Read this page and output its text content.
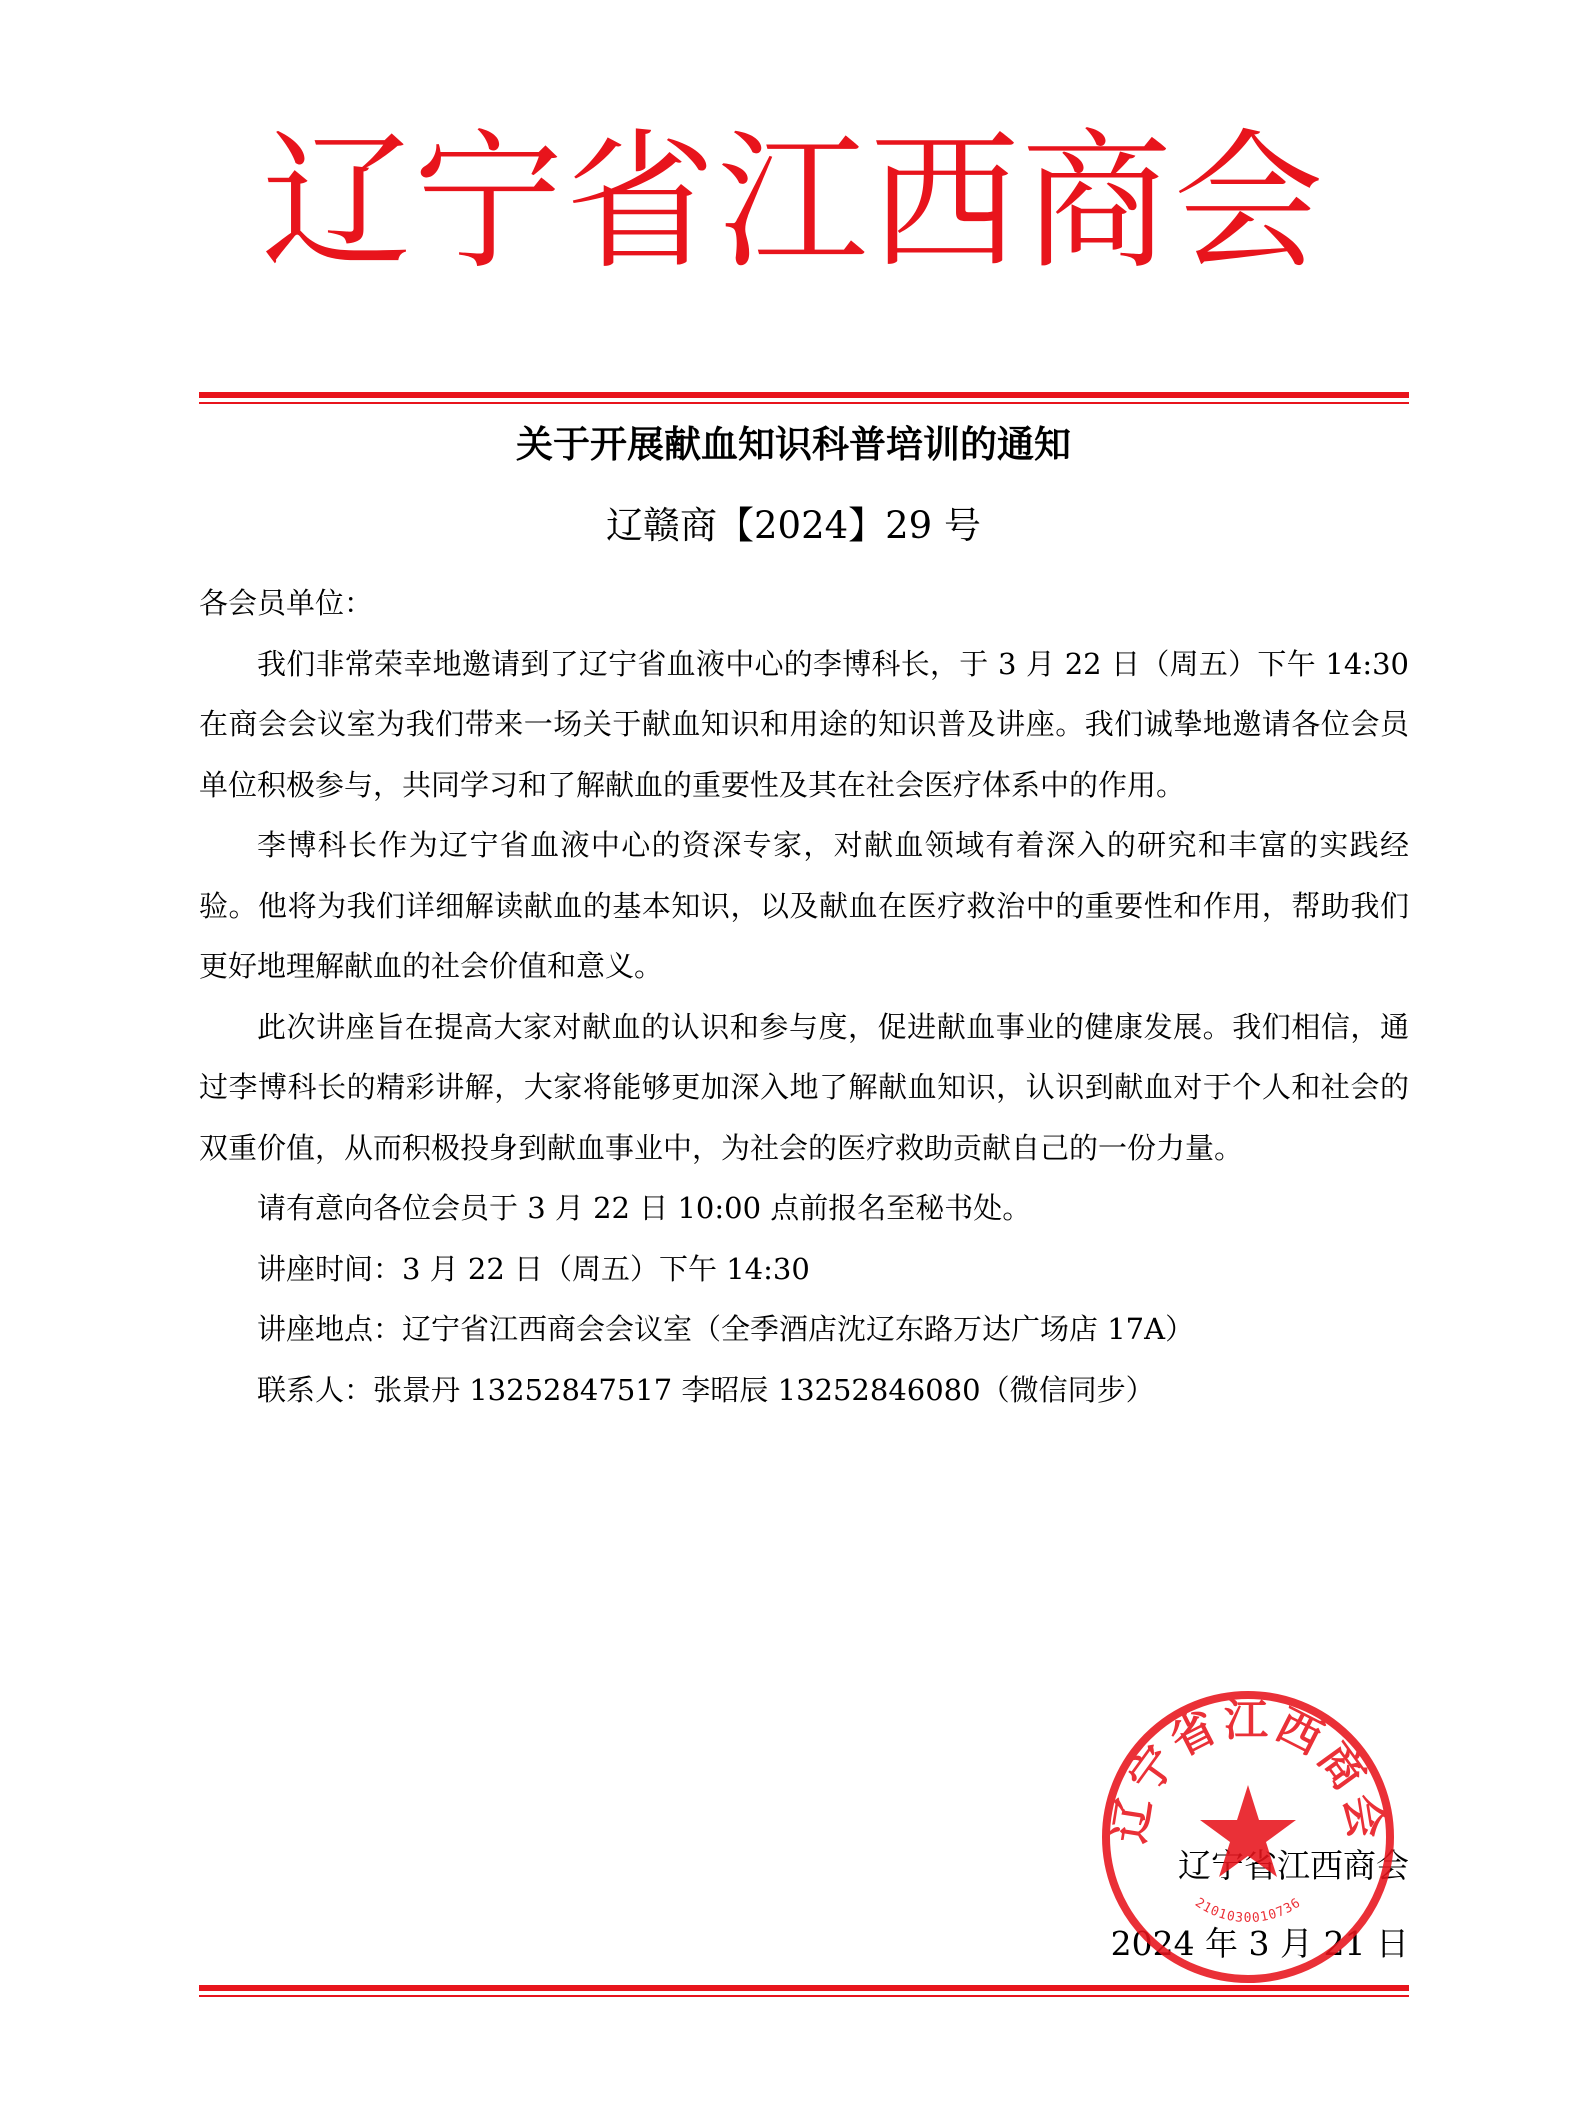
辽宁省江西商会
关于开展献血知识科普培训的通知
辽赣商【2024】29 号

各会员单位：

我们非常荣幸地邀请到了辽宁省血液中心的李博科长，于 3 月 22 日（周五）下午 14:30 在商会会议室为我们带来一场关于献血知识和用途的知识普及讲座。我们诚挚地邀请各位会员单位积极参与，共同学习和了解献血的重要性及其在社会医疗体系中的作用。

李博科长作为辽宁省血液中心的资深专家，对献血领域有着深入的研究和丰富的实践经验。他将为我们详细解读献血的基本知识，以及献血在医疗救治中的重要性和作用，帮助我们更好地理解献血的社会价值和意义。

此次讲座旨在提高大家对献血的认识和参与度，促进献血事业的健康发展。我们相信，通过李博科长的精彩讲解，大家将能够更加深入地了解献血知识，认识到献血对于个人和社会的双重价值，从而积极投身到献血事业中，为社会的医疗救助贡献自己的一份力量。

请有意向各位会员于 3 月 22 日 10:00 点前报名至秘书处。

讲座时间：3 月 22 日（周五）下午 14:30

讲座地点：辽宁省江西商会会议室（全季酒店沈辽东路万达广场店 17A）

联系人：张景丹 13252847517 李昭辰 13252846080（微信同步）

辽宁省江西商会

2024 年 3 月 21 日

辽宁省江西商会
2101030010736
